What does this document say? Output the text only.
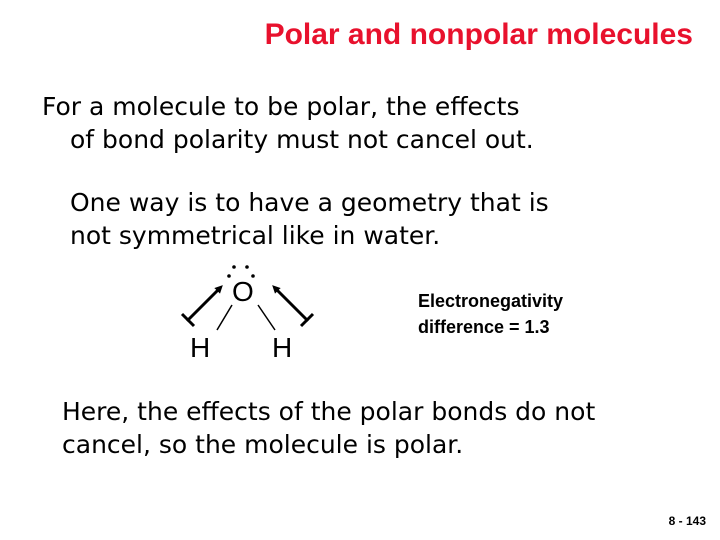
Polar and nonpolar molecules
For a molecule to be polar, the effects
of bond polarity must not cancel out.
One way is to have a geometry that is
not symmetrical like in water.
O
H H
Electronegativity
difference = 1.3
Here, the effects of the polar bonds do not
cancel, so the molecule is polar.
8 - 143
